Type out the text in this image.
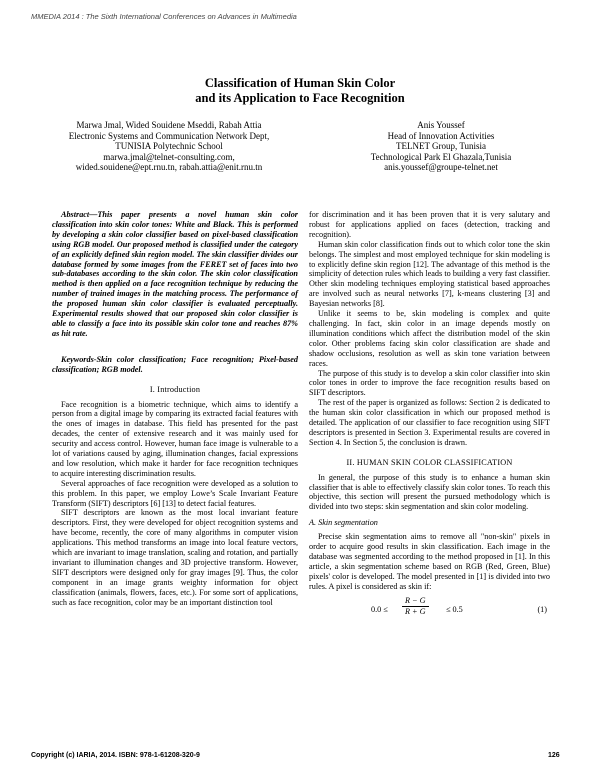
MMEDIA 2014 : The Sixth International Conferences on Advances in Multimedia
Classification of Human Skin Color
and its Application to Face Recognition
Marwa Jmal, Wided Souidene Mseddi, Rabah Attia
Electronic Systems and Communication Network Dept,
TUNISIA Polytechnic School
marwa.jmal@telnet-consulting.com,
wided.souidene@ept.rnu.tn, rabah.attia@enit.rnu.tn
Anis Youssef
Head of Innovation Activities
TELNET Group, Tunisia
Technological Park El Ghazala,Tunisia
anis.youssef@groupe-telnet.net

Abstract—This paper presents a novel human skin color classification into skin color tones: White and Black. This is performed by developing a skin color classifier based on pixel-based classification using RGB model. Our proposed method is classified under the category of an explicitly defined skin region model. The skin classifier divides our database formed by some images from the FERET set of faces into two sub-databases according to the skin color. The skin color classification method is then applied on a face recognition technique by reducing the number of trained images in the matching process. The performance of the proposed human skin color classifier is evaluated perceptually. Experimental results showed that our proposed skin color classifier is able to classify a face into its possible skin color tone and reaches 87% as hit rate.

Keywords-Skin color classification; Face recognition; Pixel-based classification; RGB model.

I. Introduction

Face recognition is a biometric technique, which aims to identify a person from a digital image by comparing its extracted facial features with the ones of images in database. This field has presented for the past decades, the center of extensive research and it was mainly used for security and access control. However, human face image is vulnerable to a lot of variations caused by aging, illumination changes, facial expressions and low resolution, which make it harder for face recognition techniques to acquire interesting discrimination results.

Several approaches of face recognition were developed as a solution to this problem. In this paper, we employ Lowe’s Scale Invariant Feature Transform (SIFT) descriptors [6] [13] to detect facial features.

SIFT descriptors are known as the most local invariant feature descriptors. First, they were developed for object recognition systems and have become, recently, the core of many algorithms in computer vision applications. This method transforms an image into local feature vectors, which are invariant to image translation, scaling and rotation, and partially invariant to illumination changes and 3D projective transform. However, SIFT descriptors were designed only for gray images [9]. Thus, the color component in an image grants weighty information for object classification (animals, flowers, faces, etc.). For some sort of applications, such as face recognition, color may be an important distinction tool

for discrimination and it has been proven that it is very salutary and robust for applications applied on faces (detection, tracking and recognition).

Human skin color classification finds out to which color tone the skin belongs. The simplest and most employed technique for skin modeling is to explicitly define skin region [12]. The advantage of this method is the simplicity of detection rules which leads to building a very fast classifier. Other skin modeling techniques employing statistical based approaches are involved such as neural networks [7], k-means clustering [3] and Bayesian networks [8].

Unlike it seems to be, skin modeling is complex and quite challenging. In fact, skin color in an image depends mostly on illumination conditions which affect the distribution model of the skin color. Other problems facing skin color classification are shade and shadow occlusions, resolution as well as skin tone variation between races.

The purpose of this study is to develop a skin color classifier into skin color tones in order to improve the face recognition results based on SIFT descriptors.

The rest of the paper is organized as follows: Section 2 is dedicated to the human skin color classification in which our proposed method is detailed. The application of our classifier to face recognition using SIFT descriptors is presented in Section 3. Experimental results are covered in Section 4. In Section 5, the conclusion is drawn.

II. HUMAN SKIN COLOR CLASSIFICATION

In general, the purpose of this study is to enhance a human skin classifier that is able to effectively classify skin color tones. To reach this objective, this section will present the pursued methodology which is divided into two steps: skin segmentation and skin color modeling.

A. Skin segmentation

Precise skin segmentation aims to remove all "non-skin" pixels in order to acquire good results in skin classification. Each image in the database was segmented according to the method proposed in [1]. In this article, a skin segmentation scheme based on RGB (Red, Green, Blue) pixels' color is developed. The model presented in [1] is divided into two rules. A pixel is considered as skin if:

$0.0 \le \frac{R - G}{R + G} \le 0.5$	(1)
Copyright (c) IARIA, 2014. ISBN: 978-1-61208-320-9	126
